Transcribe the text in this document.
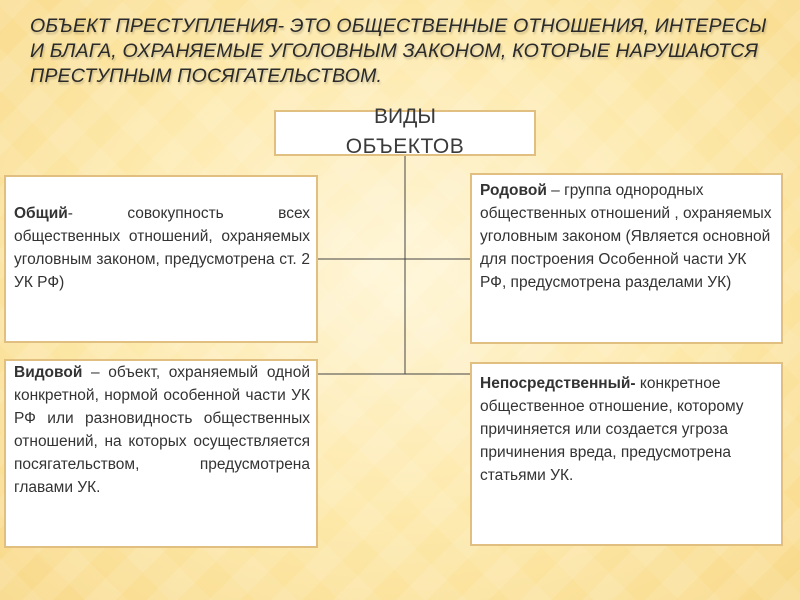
ОБЪЕКТ ПРЕСТУПЛЕНИЯ- ЭТО ОБЩЕСТВЕННЫЕ ОТНОШЕНИЯ, ИНТЕРЕСЫ И БЛАГА, ОХРАНЯЕМЫЕ УГОЛОВНЫМ ЗАКОНОМ, КОТОРЫЕ НАРУШАЮТСЯ ПРЕСТУПНЫМ ПОСЯГАТЕЛЬСТВОМ.
ВИДЫ
ОБЪЕКТОВ
Общий- совокупность всех общественных отношений, охраняемых уголовным законом, предусмотрена ст. 2 УК РФ)
Родовой – группа однородных общественных отношений , охраняемых уголовным законом (Является основной для построения Особенной части УК РФ, предусмотрена разделами УК)
Видовой – объект, охраняемый одной конкретной, нормой особенной части УК РФ или разновидность общественных отношений, на которых осуществляется посягательством, предусмотрена главами УК.
Непосредственный- конкретное общественное отношение, которому причиняется или создается угроза причинения вреда, предусмотрена статьями УК.
